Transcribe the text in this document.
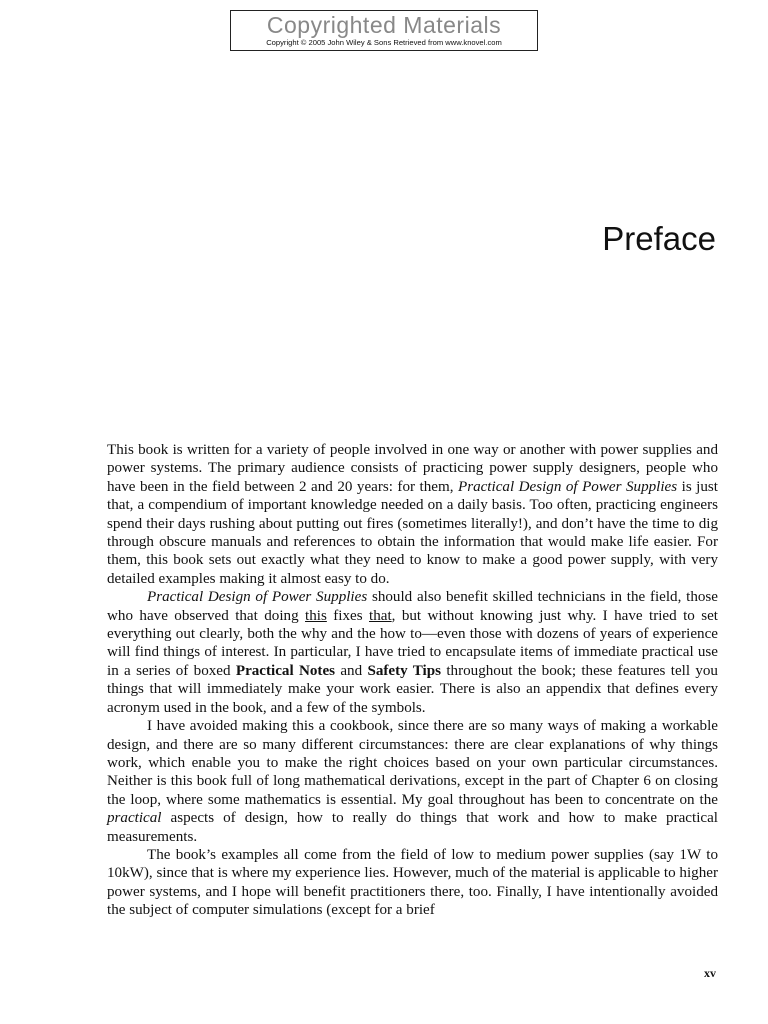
Copyrighted Materials
Copyright © 2005 John Wiley & Sons Retrieved from www.knovel.com
Preface

This book is written for a variety of people involved in one way or another with power supplies and power systems. The primary audience consists of practicing power supply designers, people who have been in the field between 2 and 20 years: for them, Practical Design of Power Supplies is just that, a compendium of important knowledge needed on a daily basis. Too often, practicing engineers spend their days rushing about putting out fires (sometimes literally!), and don’t have the time to dig through obscure manuals and references to obtain the information that would make life easier. For them, this book sets out exactly what they need to know to make a good power supply, with very detailed examples making it almost easy to do.

Practical Design of Power Supplies should also benefit skilled technicians in the field, those who have observed that doing this fixes that, but without knowing just why. I have tried to set everything out clearly, both the why and the how to—even those with dozens of years of experience will find things of interest. In particular, I have tried to encapsulate items of immediate practical use in a series of boxed Practical Notes and Safety Tips throughout the book; these features tell you things that will immediately make your work easier. There is also an appendix that defines every acronym used in the book, and a few of the symbols.

I have avoided making this a cookbook, since there are so many ways of making a workable design, and there are so many different circumstances: there are clear explanations of why things work, which enable you to make the right choices based on your own particular circumstances. Neither is this book full of long mathematical derivations, except in the part of Chapter 6 on closing the loop, where some mathematics is essential. My goal throughout has been to concentrate on the practical aspects of design, how to really do things that work and how to make practical measurements.

The book’s examples all come from the field of low to medium power supplies (say 1W to 10kW), since that is where my experience lies. However, much of the material is applicable to higher power systems, and I hope will benefit practitioners there, too. Finally, I have intentionally avoided the subject of computer simulations (except for a brief

xv
